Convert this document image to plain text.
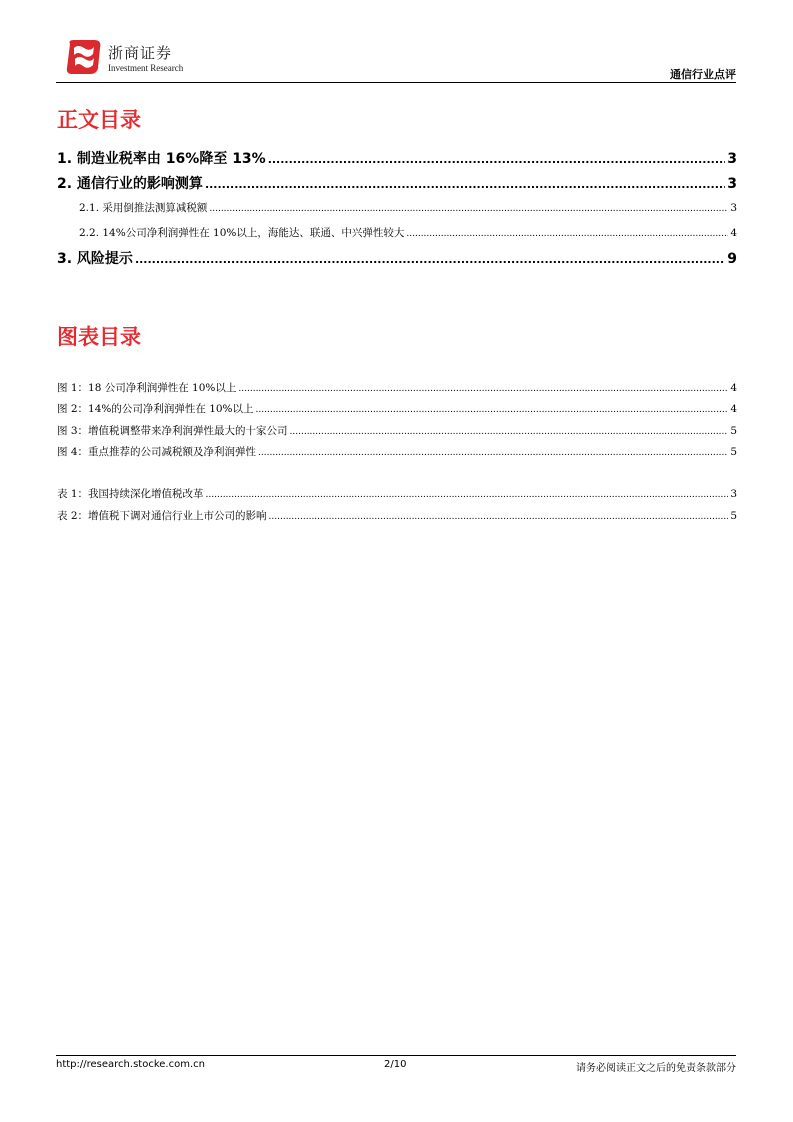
浙商证券
Investment Research	通信行业点评
正文目录
1. 制造业税率由 16%降至 13% .....	3
2. 通信行业的影响测算 .....	3
2.1. 采用倒推法测算减税额 .....	3
2.2. 14%公司净利润弹性在 10%以上，海能达、联通、中兴弹性较大 .....	4
3. 风险提示 .....	9
图表目录
图 1：18 公司净利润弹性在 10%以上 .....	4
图 2：14%的公司净利润弹性在 10%以上 .....	4
图 3：增值税调整带来净利润弹性最大的十家公司 .....	5
图 4：重点推荐的公司减税额及净利润弹性 .....	5
表 1：我国持续深化增值税改革 .....	3
表 2：增值税下调对通信行业上市公司的影响 .....	5
http://research.stocke.com.cn	2/10	请务必阅读正文之后的免责条款部分
